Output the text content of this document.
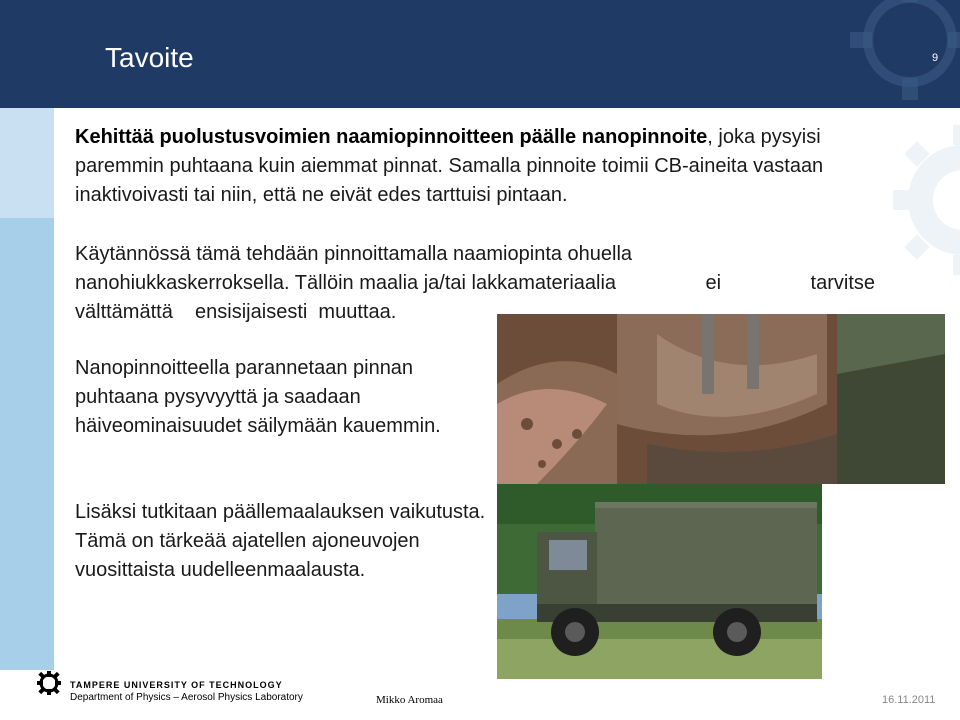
Tavoite	9
Kehittää puolustusvoimien naamiopinnoitteen päälle nanopinnoite, joka pysyisi paremmin puhtaana kuin aiemmat pinnat. Samalla pinnoite toimii CB-aineita vastaan inaktivoivasti tai niin, että ne eivät edes tarttuisi pintaan.
Käytännössä tämä tehdään pinnoittamalla naamiopinta ohuella
nanohiukkaskerroksella. Tällöin maalia ja/tai lakkamateriaalia	ei	tarvitse
välttämättä    ensisijaisesti  muuttaa.
Nanopinnoitteella parannetaan pinnan puhtaana pysyvyyttä ja saadaan häiveominaisuudet säilymään kauemmin.
Lisäksi tutkitaan päällemaalauksen vaikutusta. Tämä on tärkeää ajatellen ajoneuvojen vuosittaista uudelleenmaalausta.
TAMPERE UNIVERSITY OF TECHNOLOGY
Department of Physics – Aerosol Physics Laboratory	Mikko Aromaa	16.11.2011
